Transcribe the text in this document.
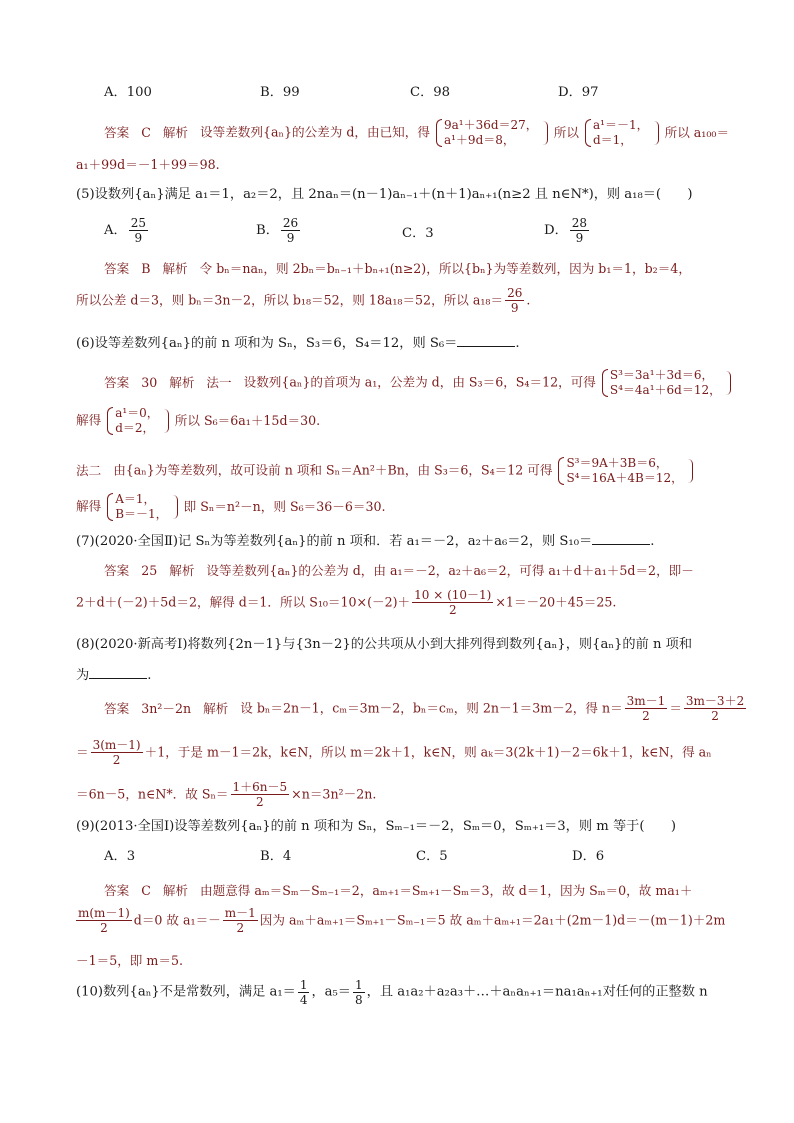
A．100	B．99	C．98	D．97
答案 C 解析 设等差数列{aₙ}的公差为 d，由已知，得 9a¹＋36d＝27，
a¹＋9d＝8，
所以 a¹＝－1，
d＝1，
所以 a₁₀₀＝
a₁＋99d＝－1＋99＝98.
(5)设数列{aₙ}满足 a₁＝1，a₂＝2，且 2naₙ＝(n－1)aₙ₋₁＋(n＋1)aₙ₊₁(n≥2 且 n∈N*)，则 a₁₈＝(　　)
A． $\frac{25}{9}$	B． $\frac{26}{9}$	C．3	D． $\frac{28}{9}$
答案 B 解析 令 bₙ＝naₙ，则 2bₙ＝bₙ₋₁＋bₙ₊₁(n≥2)，所以{bₙ}为等差数列，因为 b₁＝1，b₂＝4，
所以公差 d＝3，则 bₙ＝3n－2，所以 b₁₈＝52，则 18a₁₈＝52，所以 $a_{18}= \frac{26}{9}$ .
(6)设等差数列{aₙ}的前 n 项和为 Sₙ，S₃＝6，S₄＝12，则 S₆＝	.
答案 30 解析 法一 设数列{aₙ}的首项为 a₁，公差为 d，由 S₃＝6，S₄＝12，可得 S³＝3a¹＋3d＝6，
S⁴＝4a¹＋6d＝12，
解得 a¹＝0，
d＝2，
所以 S₆＝6a₁＋15d＝30.
法二 由{aₙ}为等差数列，故可设前 n 项和 Sₙ＝An²＋Bn，由 S₃＝6，S₄＝12 可得 S³＝9A＋3B＝6，
S⁴＝16A＋4B＝12，
解得 A＝1，
B＝－1，
即 Sₙ＝n²－n，则 S₆＝36－6＝30.
(7)(2020·全国Ⅱ)记 Sₙ为等差数列{aₙ}的前 n 项和．若 a₁＝－2，a₂＋a₆＝2，则 S₁₀＝	.
答案 25 解析 设等差数列{aₙ}的公差为 d，由 a₁＝－2，a₂＋a₆＝2，可得 a₁＋d＋a₁＋5d＝2，即－
2＋d＋(－2)＋5d＝2，解得 d＝1．所以 $S_{10}=10\times(-2)+ \frac{10 \times (10-1)}{2} \times 1=-20+45=25$.
(8)(2020·新高考Ⅰ)将数列{2n－1}与{3n－2}的公共项从小到大排列得到数列{aₙ}，则{aₙ}的前 n 项和
为	.
答案 3n²－2n 解析 设 bₙ＝2n－1，cₘ＝3m－2，bₙ＝cₘ，则 2n－1＝3m－2，得 $n= \frac{3m-1}{2} = \frac{3m-3+2}{2}$
＝ $\frac{3(m-1)}{2} +1$，于是 m－1＝2k，k∈N，所以 m＝2k＋1，k∈N，则 aₖ＝3(2k＋1)－2＝6k＋1，k∈N，得 aₙ
＝6n－5，n∈N*．故 $S_n= \frac{1+6n-5}{2} \times n=3n^2-2n$.
(9)(2013·全国Ⅰ)设等差数列{aₙ}的前 n 项和为 Sₙ，Sₘ₋₁＝－2，Sₘ＝0，Sₘ₊₁＝3，则 m 等于(　　)
A．3	B．4	C．5	D．6
答案 C 解析 由题意得 aₘ＝Sₘ－Sₘ₋₁＝2，aₘ₊₁＝Sₘ₊₁－Sₘ＝3，故 d＝1，因为 Sₘ＝0，故 ma₁＋
$\frac{m(m-1)}{2} d=0$ 故 $a_1=- \frac{m-1}{2}$ 因为 aₘ＋aₘ₊₁＝Sₘ₊₁－Sₘ₋₁＝5 故 aₘ＋aₘ₊₁＝2a₁＋(2m－1)d＝－(m－1)＋2m
－1＝5，即 m＝5.
(10)数列{aₙ}不是常数列，满足 $a_1= \frac{1}{4}$ ，$a_5= \frac{1}{8}$ ，且 a₁a₂＋a₂a₃＋…＋aₙaₙ₊₁＝na₁aₙ₊₁对任何的正整数 n
